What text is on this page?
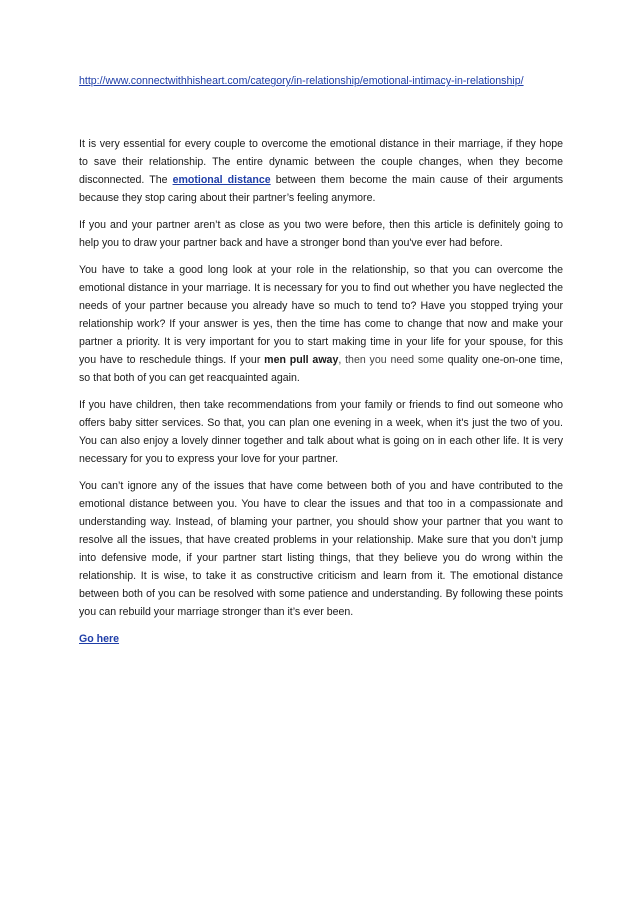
http://www.connectwithhisheart.com/category/in-relationship/emotional-intimacy-in-relationship/

It is very essential for every couple to overcome the emotional distance in their marriage, if they hope to save their relationship. The entire dynamic between the couple changes, when they become disconnected. The emotional distance between them become the main cause of their arguments because they stop caring about their partner’s feeling anymore.

If you and your partner aren’t as close as you two were before, then this article is definitely going to help you to draw your partner back and have a stronger bond than you've ever had before.

You have to take a good long look at your role in the relationship, so that you can overcome the emotional distance in your marriage. It is necessary for you to find out whether you have neglected the needs of your partner because you already have so much to tend to? Have you stopped trying your relationship work? If your answer is yes, then the time has come to change that now and make your partner a priority. It is very important for you to start making time in your life for your spouse, for this you have to reschedule things. If your men pull away, then you need some quality one-on-one time, so that both of you can get reacquainted again.

If you have children, then take recommendations from your family or friends to find out someone who offers baby sitter services. So that, you can plan one evening in a week, when it's just the two of you. You can also enjoy a lovely dinner together and talk about what is going on in each other life. It is very necessary for you to express your love for your partner.

You can’t ignore any of the issues that have come between both of you and have contributed to the emotional distance between you. You have to clear the issues and that too in a compassionate and understanding way. Instead, of blaming your partner, you should show your partner that you want to resolve all the issues, that have created problems in your relationship. Make sure that you don’t jump into defensive mode, if your partner start listing things, that they believe you do wrong within the relationship. It is wise, to take it as constructive criticism and learn from it. The emotional distance between both of you can be resolved with some patience and understanding. By following these points you can rebuild your marriage stronger than it’s ever been.

Go here
